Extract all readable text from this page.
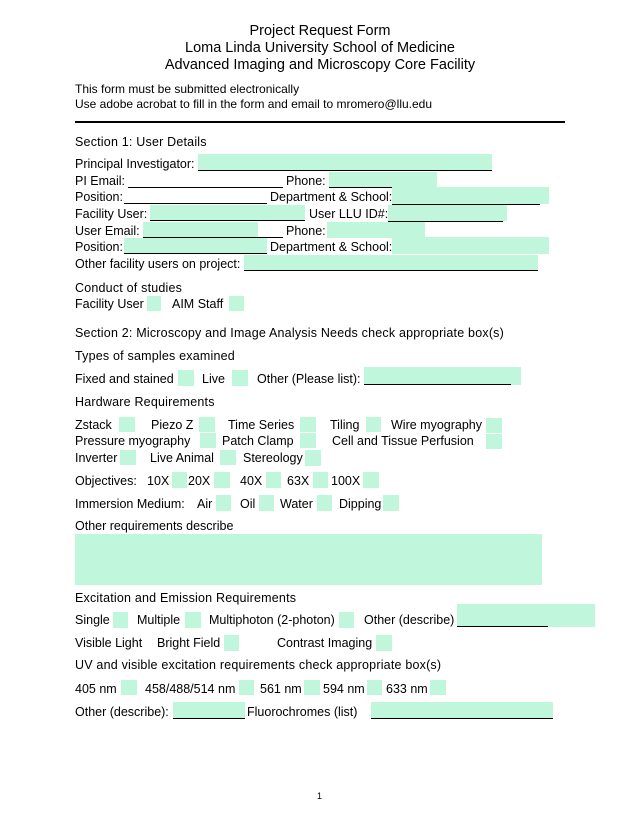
Project Request Form
Loma Linda University School of Medicine
Advanced Imaging and Microscopy Core Facility
This form must be submitted electronically
Use adobe acrobat to fill in the form and email to mromero@llu.edu
Section 1: User Details
Principal Investigator:
PI Email:	Phone:
Position:	Department & School:
Facility User:	User LLU ID#:
User Email:	Phone:
Position:	Department & School:
Other facility users on project:
Conduct of studies
Facility User AIM Staff
Section 2: Microscopy and Image Analysis Needs check appropriate box(s)
Types of samples examined
Fixed and stained Live	Other (Please list):
Hardware Requirements
Zstack	Piezo Z	Time Series	Tiling	Wire myography
Pressure myography	Patch Clamp	Cell and Tissue Perfusion
Inverter	Live Animal Stereology
Objectives: 10X 20X 40X 63X 100X
Immersion Medium: Air Oil Water Dipping
Other requirements describe
Excitation and Emission Requirements
Single Multiple Multiphoton (2-photon) Other (describe)
Visible Light Bright Field	Contrast Imaging
UV and visible excitation requirements check appropriate box(s)
405 nm 458/488/514 nm 561 nm 594 nm 633 nm
Other (describe):	Fluorochromes (list)
1
